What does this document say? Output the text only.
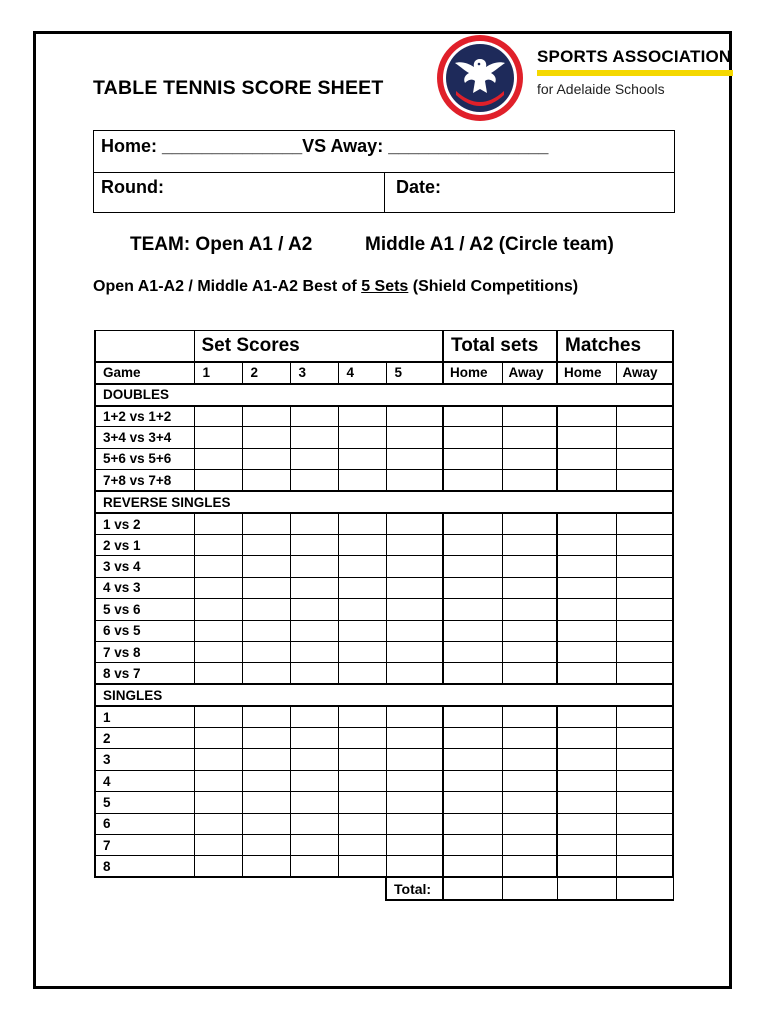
TABLE TENNIS SCORE SHEET
SPORTS ASSOCIATION
for Adelaide Schools
Home: ______________VS Away: ________________
Round:	Date:
TEAM: Open A1 / A2	Middle A1 / A2 (Circle team)
Open A1-A2 / Middle A1-A2 Best of 5 Sets (Shield Competitions)
	Set Scores					Total sets		Matches	
Game	1	2	3	4	5	Home	Away	Home	Away
DOUBLES									
1+2 vs 1+2									
3+4 vs 3+4									
5+6 vs 5+6									
7+8 vs 7+8									
REVERSE SINGLES									
1 vs 2									
2 vs 1									
3 vs 4									
4 vs 3									
5 vs 6									
6 vs 5									
7 vs 8									
8 vs 7									
SINGLES									
1									
2									
3									
4									
5									
6									
7									
8									
					Total:				
